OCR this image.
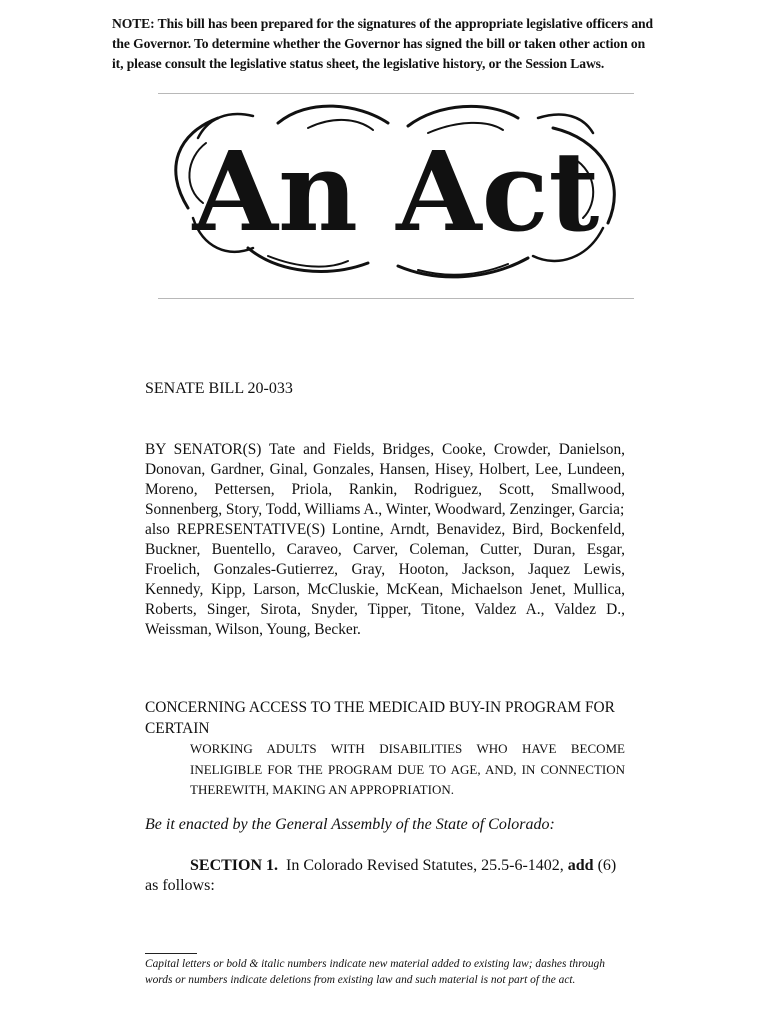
NOTE: This bill has been prepared for the signatures of the appropriate legislative officers and the Governor. To determine whether the Governor has signed the bill or taken other action on it, please consult the legislative status sheet, the legislative history, or the Session Laws.
An Act
SENATE BILL 20-033

BY SENATOR(S) Tate and Fields, Bridges, Cooke, Crowder, Danielson, Donovan, Gardner, Ginal, Gonzales, Hansen, Hisey, Holbert, Lee, Lundeen, Moreno, Pettersen, Priola, Rankin, Rodriguez, Scott, Smallwood, Sonnenberg, Story, Todd, Williams A., Winter, Woodward, Zenzinger, Garcia;

also REPRESENTATIVE(S) Lontine, Arndt, Benavidez, Bird, Bockenfeld, Buckner, Buentello, Caraveo, Carver, Coleman, Cutter, Duran, Esgar, Froelich, Gonzales-Gutierrez, Gray, Hooton, Jackson, Jaquez Lewis, Kennedy, Kipp, Larson, McCluskie, McKean, Michaelson Jenet, Mullica, Roberts, Singer, Sirota, Snyder, Tipper, Titone, Valdez A., Valdez D., Weissman, Wilson, Young, Becker.

CONCERNING ACCESS TO THE MEDICAID BUY-IN PROGRAM FOR CERTAIN
WORKING ADULTS WITH DISABILITIES WHO HAVE BECOME INELIGIBLE FOR THE PROGRAM DUE TO AGE, AND, IN CONNECTION THEREWITH, MAKING AN APPROPRIATION.
Be it enacted by the General Assembly of the State of Colorado:
SECTION 1. In Colorado Revised Statutes, 25.5-6-1402, add (6) as follows:
Capital letters or bold & italic numbers indicate new material added to existing law; dashes through words or numbers indicate deletions from existing law and such material is not part of the act.
